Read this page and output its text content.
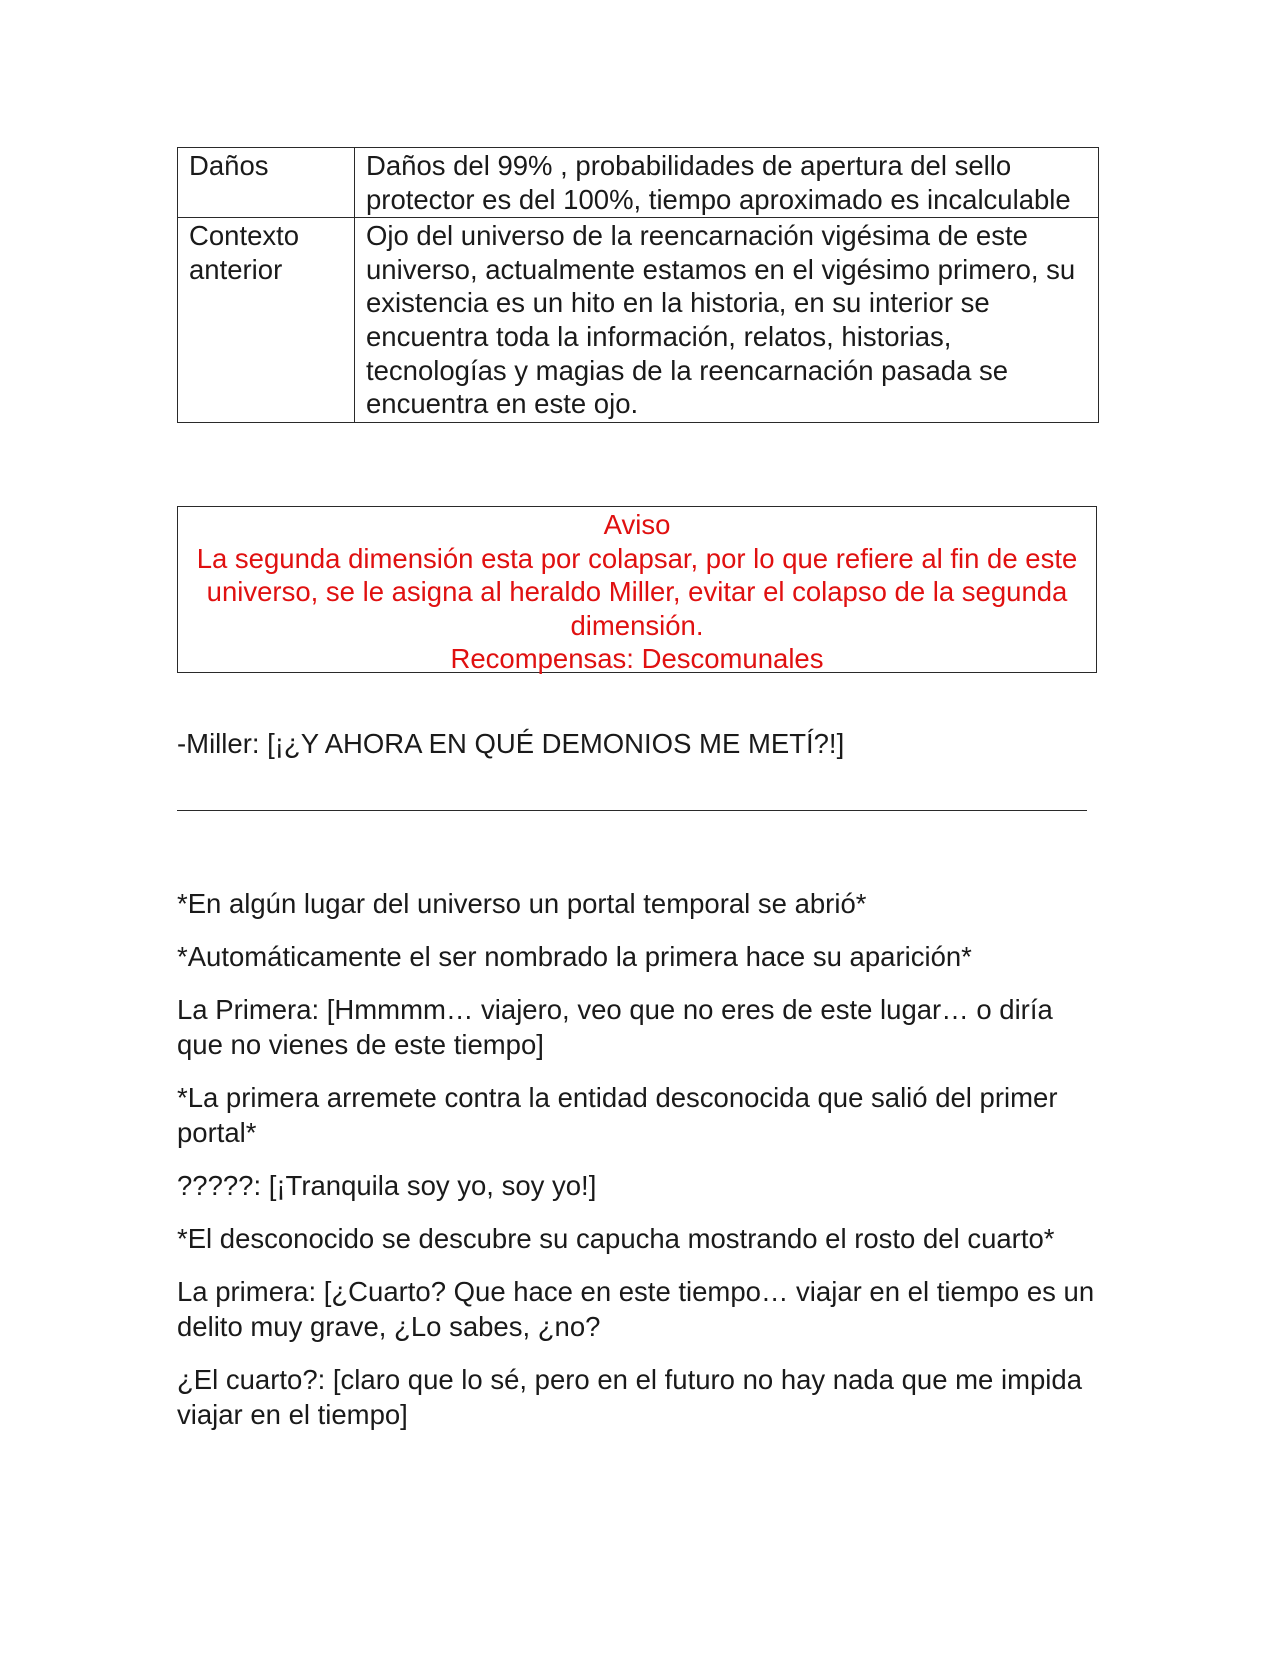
Daños	Daños del 99% , probabilidades de apertura del sello protector es del 100%, tiempo aproximado es incalculable
Contexto anterior	Ojo del universo de la reencarnación vigésima de este universo, actualmente estamos en el vigésimo primero, su existencia es un hito en la historia, en su interior se encuentra toda la información, relatos, historias, tecnologías y magias de la reencarnación pasada se encuentra en este ojo.
Aviso
La segunda dimensión esta por colapsar, por lo que refiere al fin de este universo, se le asigna al heraldo Miller, evitar el colapso de la segunda dimensión.
Recompensas: Descomunales
-Miller: [¡¿Y AHORA EN QUÉ DEMONIOS ME METÍ?!]

*En algún lugar del universo un portal temporal se abrió*

*Automáticamente el ser nombrado la primera hace su aparición*

La Primera: [Hmmmm… viajero, veo que no eres de este lugar… o diría que no vienes de este tiempo]

*La primera arremete contra la entidad desconocida que salió del primer portal*

?????: [¡Tranquila soy yo, soy yo!]

*El desconocido se descubre su capucha mostrando el rosto del cuarto*

La primera: [¿Cuarto? Que hace en este tiempo… viajar en el tiempo es un delito muy grave, ¿Lo sabes, ¿no?

¿El cuarto?: [claro que lo sé, pero en el futuro no hay nada que me impida viajar en el tiempo]
